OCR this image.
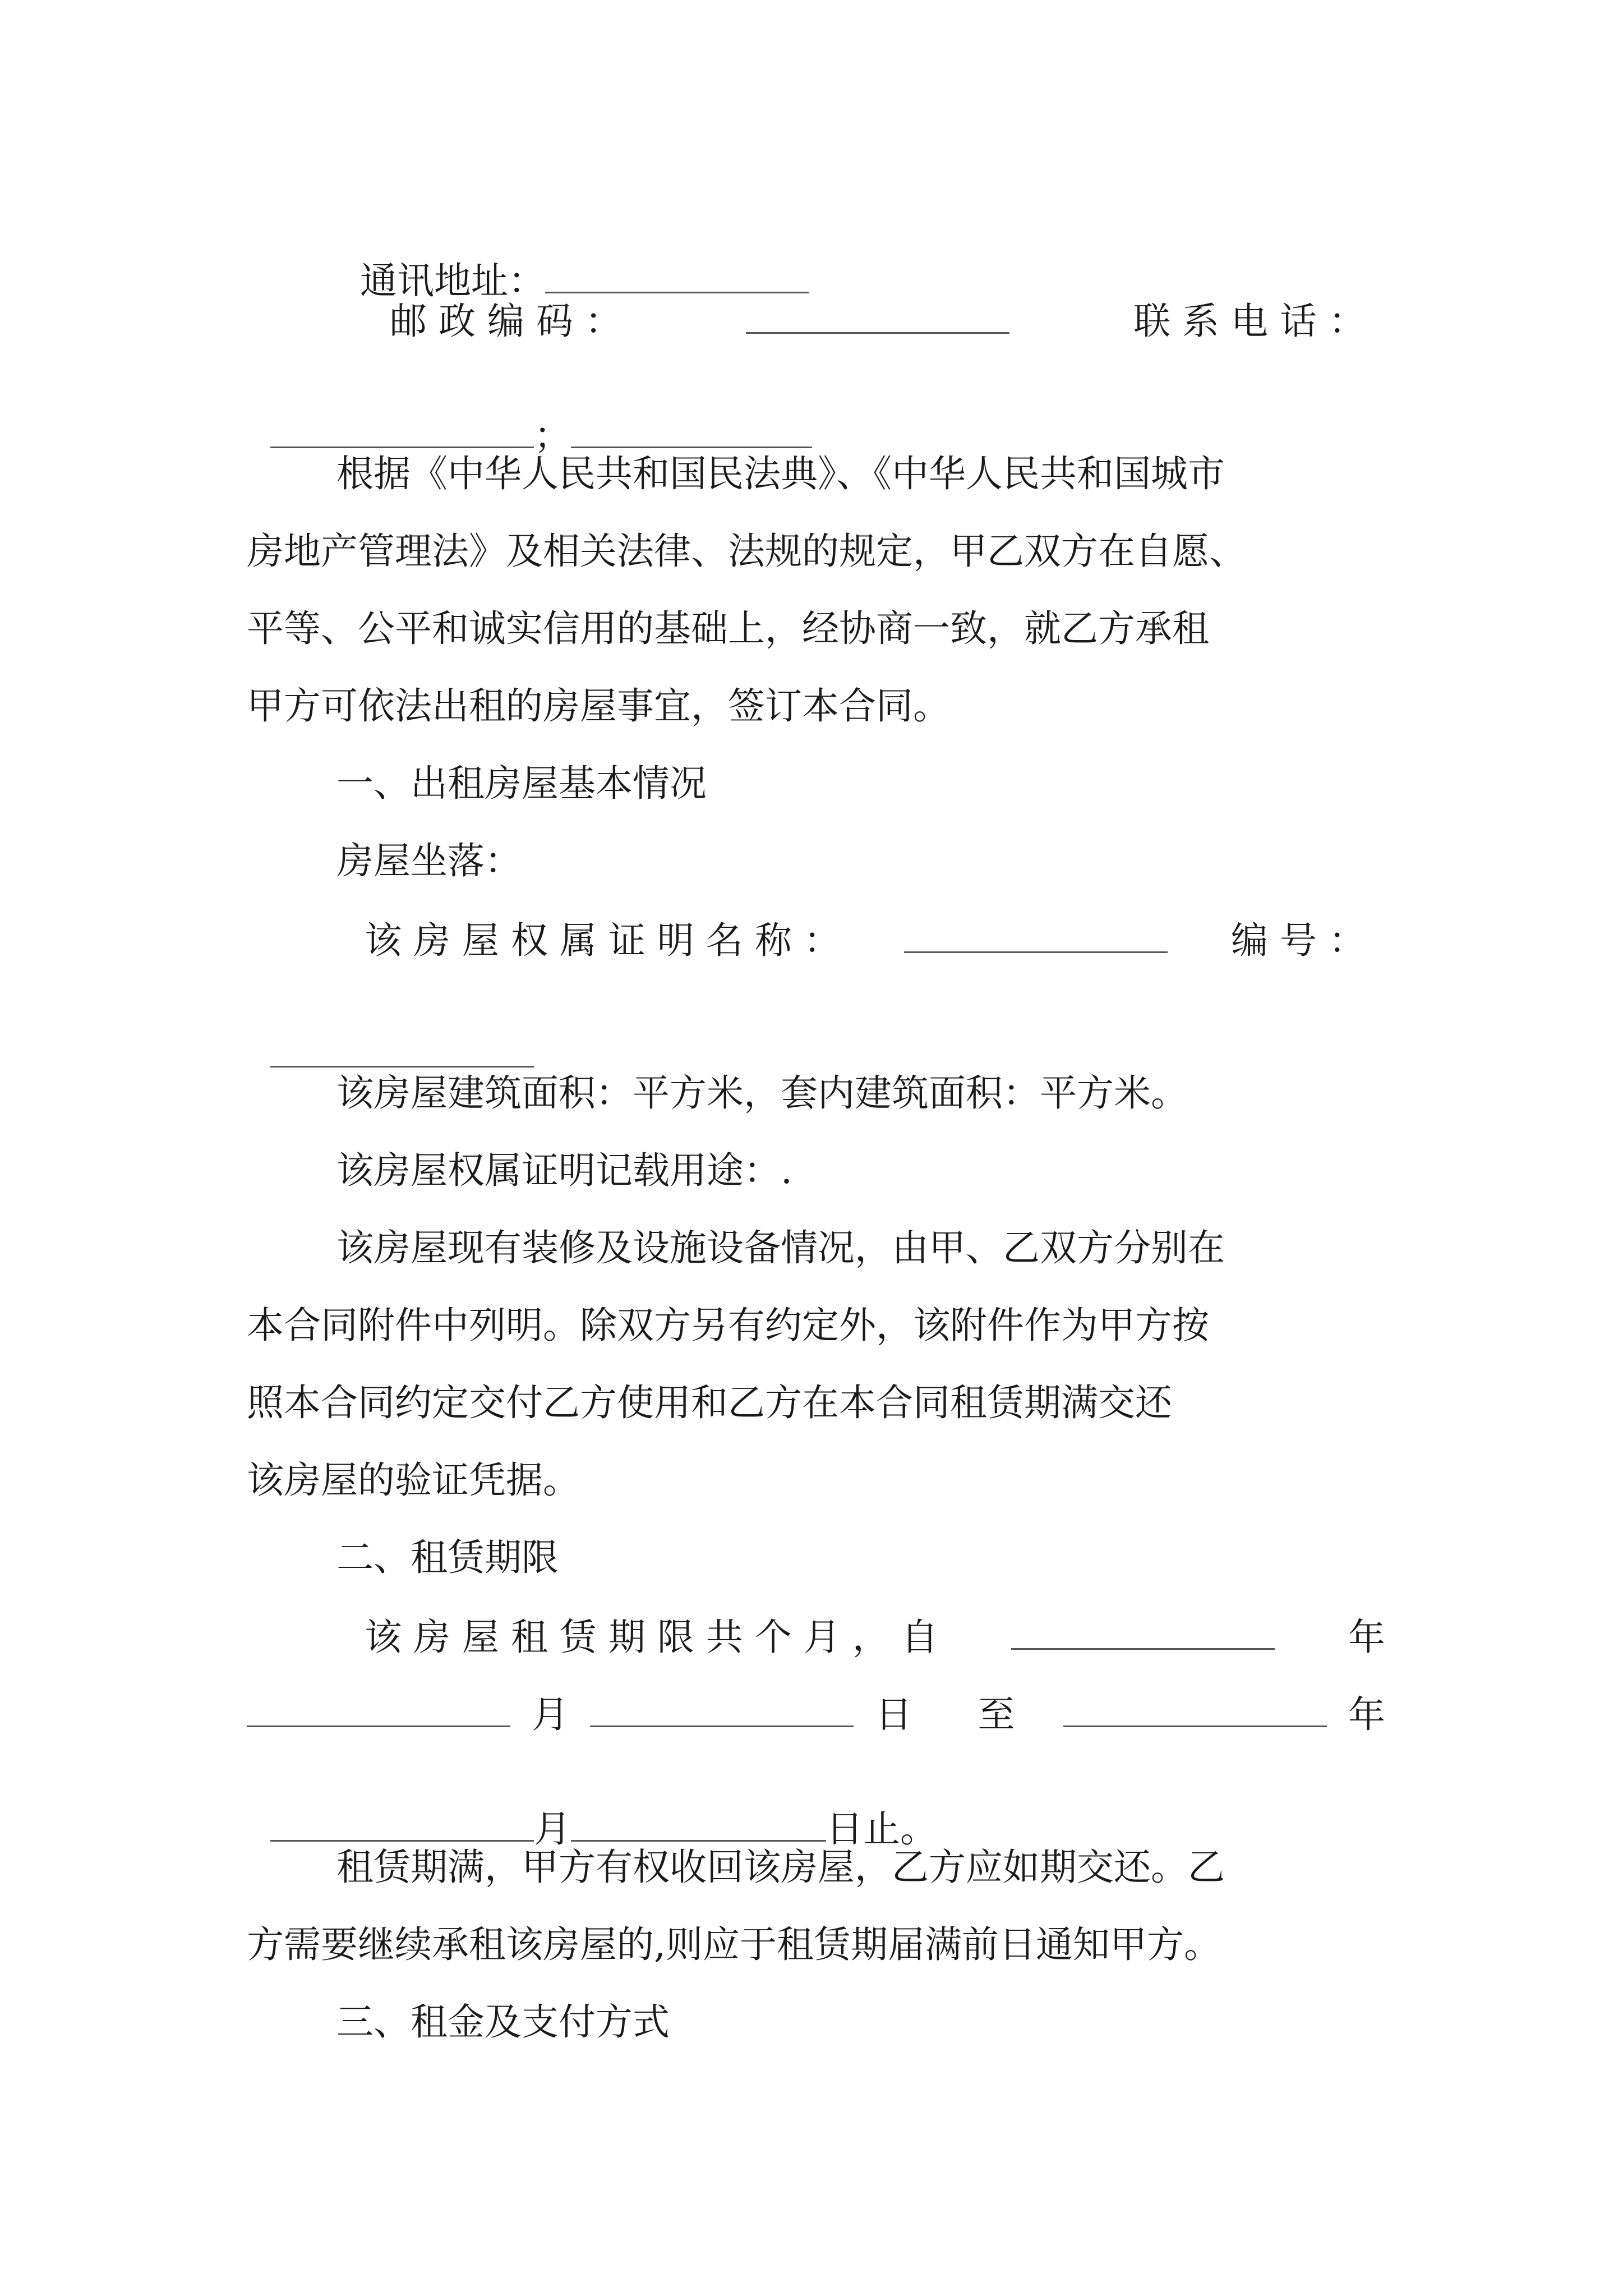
通讯地址：

邮 政 编 码 ：	联 系 电 话 ：

；

根据《中华人民共和国民法典》、《中华人民共和国城市
房地产管理法》及相关法律、法规的规定，甲乙双方在自愿、
平等、公平和诚实信用的基础上，经协商一致，就乙方承租
甲方可依法出租的房屋事宜，签订本合同。
一、出租房屋基本情况
房屋坐落：
该 房 屋 权 属 证 明 名 称 ：	编 号 ：

该房屋建筑面积：平方米，套内建筑面积：平方米。
该房屋权属证明记载用途：.
该房屋现有装修及设施设备情况，由甲、乙双方分别在
本合同附件中列明。除双方另有约定外，该附件作为甲方按
照本合同约定交付乙方使用和乙方在本合同租赁期满交还
该房屋的验证凭据。
二、租赁期限
该 房 屋 租 赁 期 限 共 个 月 ， 自	年
月	日 至	年

月	日止。

租赁期满，甲方有权收回该房屋，乙方应如期交还。乙
方需要继续承租该房屋的,则应于租赁期届满前日通知甲方。
三、租金及支付方式
